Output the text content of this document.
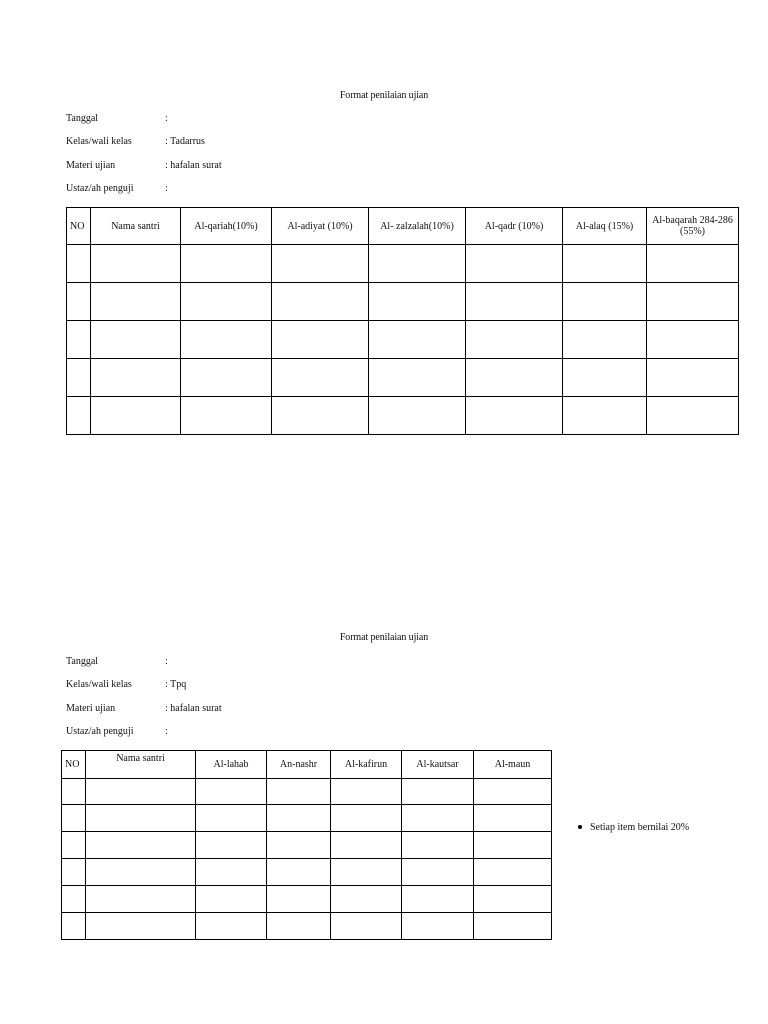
Format penilaian ujian
Tanggal	:
Kelas/wali kelas	: Tadarrus
Materi ujian	: hafalan surat
Ustaz/ah penguji	:
NO	Nama santri	Al-qariah(10%)	Al-adiyat (10%)	Al- zalzalah(10%)	Al-qadr (10%)	Al-alaq (15%)	Al-baqarah 284-286 (55%)

Format penilaian ujian
Tanggal	:
Kelas/wali kelas	: Tpq
Materi ujian	: hafalan surat
Ustaz/ah penguji	:
NO	Nama santri	Al-lahab	An-nashr	Al-kafirun	Al-kautsar	Al-maun

Setiap item bernilai 20%
